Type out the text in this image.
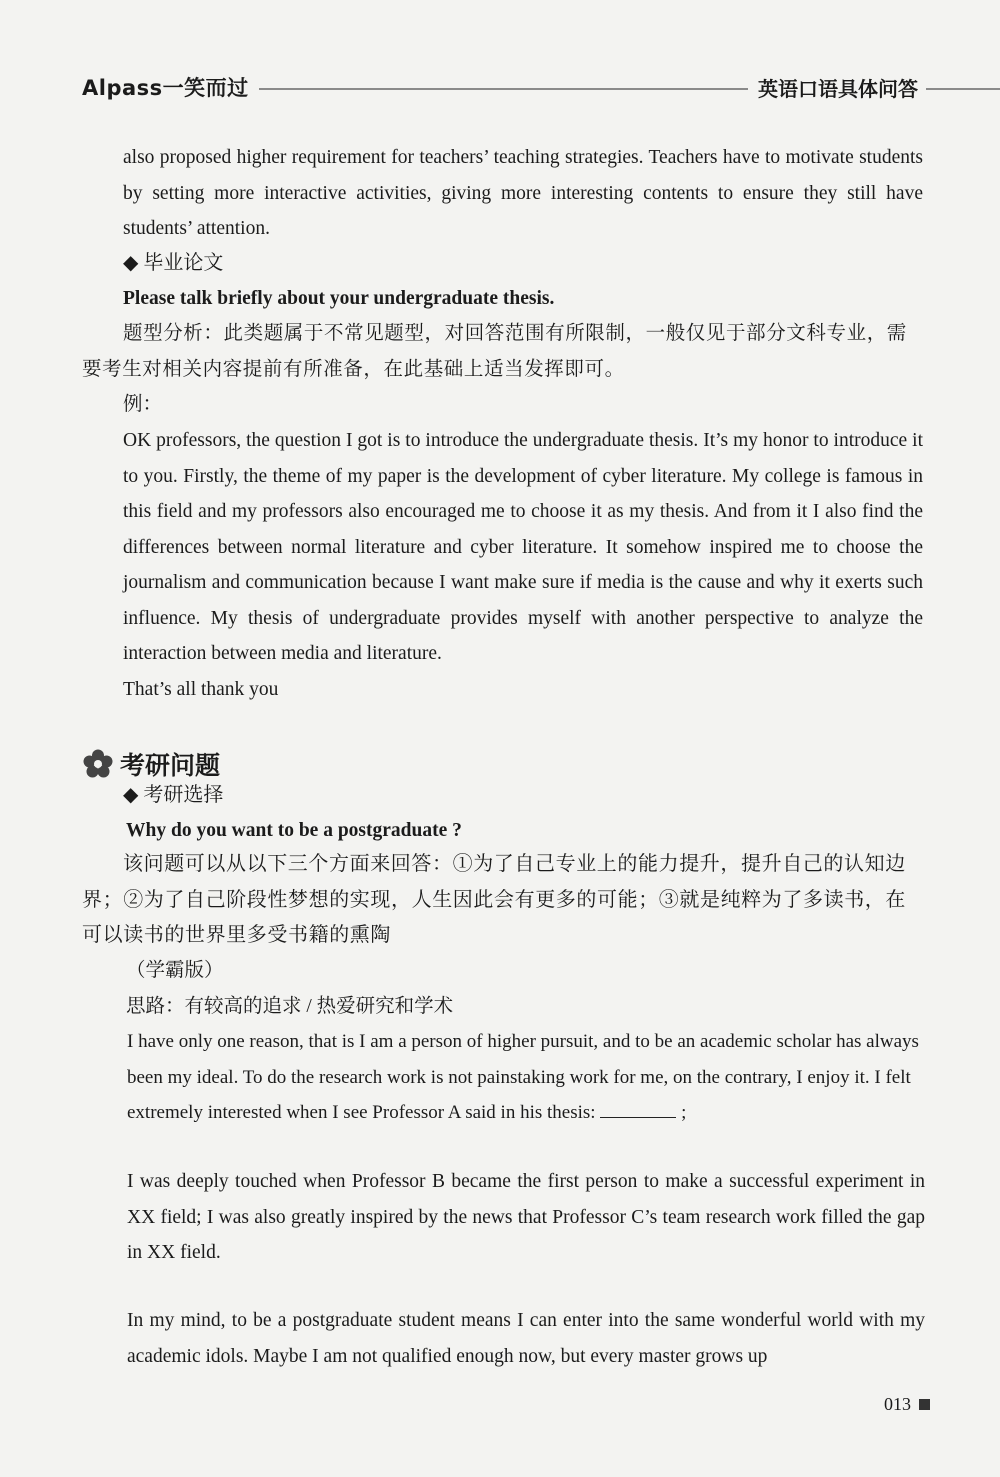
Alpass一笑而过	英语口语具体问答

also proposed higher requirement for teachers’ teaching strategies. Teachers have to motivate students by setting more interactive activities, giving more interesting contents to ensure they still have students’ attention.

◆ 毕业论文

Please talk briefly about your undergraduate thesis.

题型分析：此类题属于不常见题型，对回答范围有所限制，一般仅见于部分文科专业，需要考生对相关内容提前有所准备，在此基础上适当发挥即可。

例：

OK professors, the question I got is to introduce the undergraduate thesis. It’s my honor to introduce it to you. Firstly, the theme of my paper is the development of cyber literature. My college is famous in this field and my professors also encouraged me to choose it as my thesis. And from it I also find the differences between normal literature and cyber literature. It somehow inspired me to choose the journalism and communication because I want make sure if media is the cause and why it exerts such influence. My thesis of undergraduate provides myself with another perspective to analyze the interaction between media and literature.

That’s all thank you

考研问题

◆ 考研选择

Why do you want to be a postgraduate ?

该问题可以从以下三个方面来回答：①为了自己专业上的能力提升，提升自己的认知边界；②为了自己阶段性梦想的实现，人生因此会有更多的可能；③就是纯粹为了多读书，在可以读书的世界里多受书籍的熏陶

（学霸版）

思路：有较高的追求 / 热爱研究和学术

I have only one reason, that is I am a person of higher pursuit, and to be an academic scholar has always been my ideal. To do the research work is not painstaking work for me, on the contrary, I enjoy it. I felt extremely interested when I see Professor A said in his thesis:	;

I was deeply touched when Professor B became the first person to make a successful experiment in XX field; I was also greatly inspired by the news that Professor C’s team research work filled the gap in XX field.

In my mind, to be a postgraduate student means I can enter into the same wonderful world with my academic idols. Maybe I am not qualified enough now, but every master grows up

013
